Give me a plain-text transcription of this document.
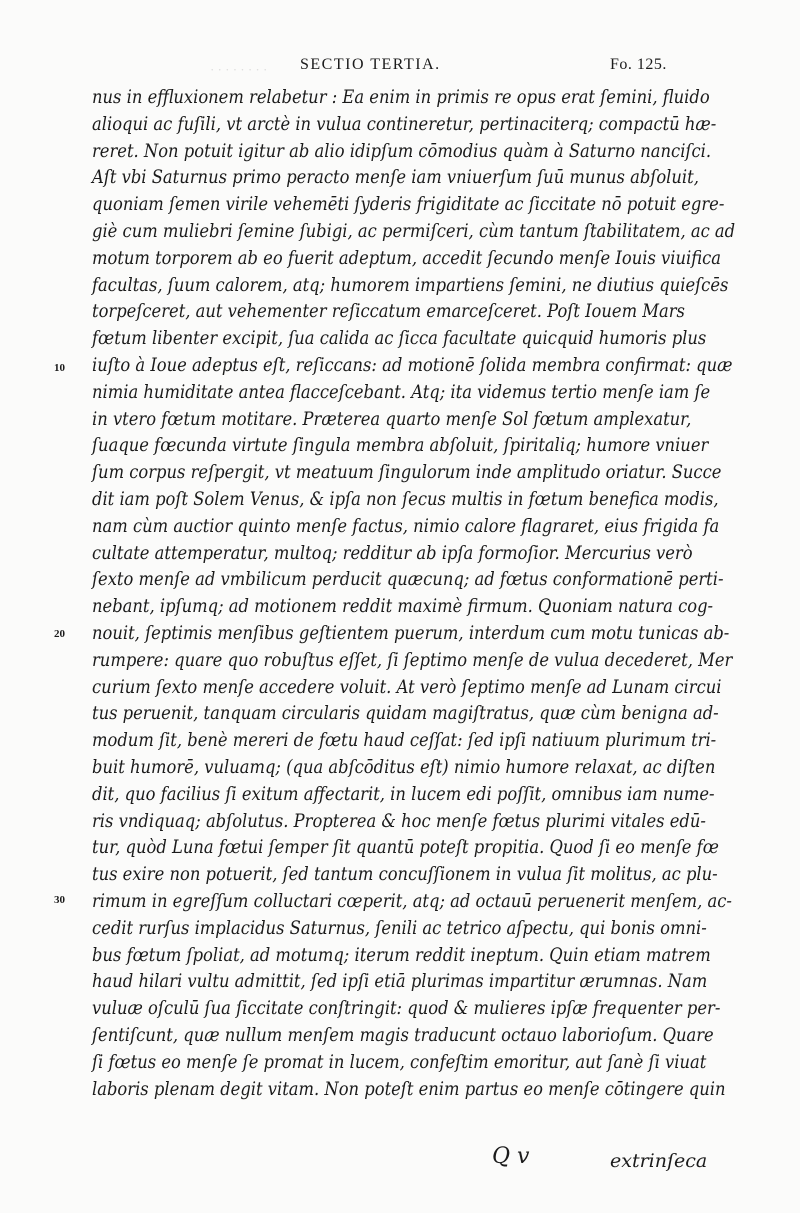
· · · · · · · · SECTIO TERTIA.	Fo. 125.
nus in effluxionem relabetur : Ea enim in primis re opus erat ſemini, fluido
alioqui ac fuſili, vt arctè in vulua contineretur, pertinaciterq; compactū hæ-
reret. Non potuit igitur ab alio idipſum cōmodius quàm à Saturno nanciſci.
Aſt vbi Saturnus primo peracto menſe iam vniuerſum ſuū munus abſoluit,
quoniam ſemen virile vehemēti ſyderis frigiditate ac ſiccitate nō potuit egre-
giè cum muliebri ſemine ſubigi, ac permiſceri, cùm tantum ſtabilitatem, ac ad
motum torporem ab eo fuerit adeptum, accedit ſecundo menſe Iouis viuifica
facultas, ſuum calorem, atq; humorem impartiens ſemini, ne diutius quieſcēs
torpeſceret, aut vehementer reſiccatum emarceſceret. Poſt Iouem Mars
fœtum libenter excipit, ſua calida ac ſicca facultate quicquid humoris plus
iuſto à Ioue adeptus eſt, reſiccans: ad motionē ſolida membra confirmat: quæ
nimia humiditate antea flacceſcebant. Atq; ita videmus tertio menſe iam ſe
in vtero fœtum motitare. Præterea quarto menſe Sol fœtum amplexatur,
ſuaque fœcunda virtute ſingula membra abſoluit, ſpiritaliq; humore vniuer
ſum corpus reſpergit, vt meatuum ſingulorum inde amplitudo oriatur. Succe
dit iam poſt Solem Venus, & ipſa non ſecus multis in fœtum benefica modis,
nam cùm auctior quinto menſe factus, nimio calore flagraret, eius frigida fa
cultate attemperatur, multoq; redditur ab ipſa formoſior. Mercurius verò
ſexto menſe ad vmbilicum perducit quæcunq; ad fœtus conformationē perti-
nebant, ipſumq; ad motionem reddit maximè firmum. Quoniam natura cog-
nouit, ſeptimis menſibus geſtientem puerum, interdum cum motu tunicas ab-
rumpere: quare quo robuſtus eſſet, ſi ſeptimo menſe de vulua decederet, Mer
curium ſexto menſe accedere voluit. At verò ſeptimo menſe ad Lunam circui
tus peruenit, tanquam circularis quidam magiſtratus, quæ cùm benigna ad-
modum ſit, benè mereri de fœtu haud ceſſat: ſed ipſi natiuum plurimum tri-
buit humorē, vuluamq; (qua abſcōditus eſt) nimio humore relaxat, ac diſten
dit, quo facilius ſi exitum affectarit, in lucem edi poſſit, omnibus iam nume-
ris vndiquaq; abſolutus. Propterea & hoc menſe fœtus plurimi vitales edū-
tur, quòd Luna fœtui ſemper ſit quantū poteſt propitia. Quod ſi eo menſe fœ
tus exire non potuerit, ſed tantum concuſſionem in vulua ſit molitus, ac plu-
rimum in egreſſum colluctari cœperit, atq; ad octauū peruenerit menſem, ac-
cedit rurſus implacidus Saturnus, ſenili ac tetrico aſpectu, qui bonis omni-
bus fœtum ſpoliat, ad motumq; iterum reddit ineptum. Quin etiam matrem
haud hilari vultu admittit, ſed ipſi etiā plurimas impartitur ærumnas. Nam
vuluæ oſculū ſua ſiccitate conſtringit: quod & mulieres ipſæ frequenter per-
ſentiſcunt, quæ nullum menſem magis traducunt octauo laborioſum. Quare
ſi fœtus eo menſe ſe promat in lucem, confeſtim emoritur, aut ſanè ſi viuat
laboris plenam degit vitam. Non poteſt enim partus eo menſe cōtingere quin
10
20
30
Q v	extrinſeca
